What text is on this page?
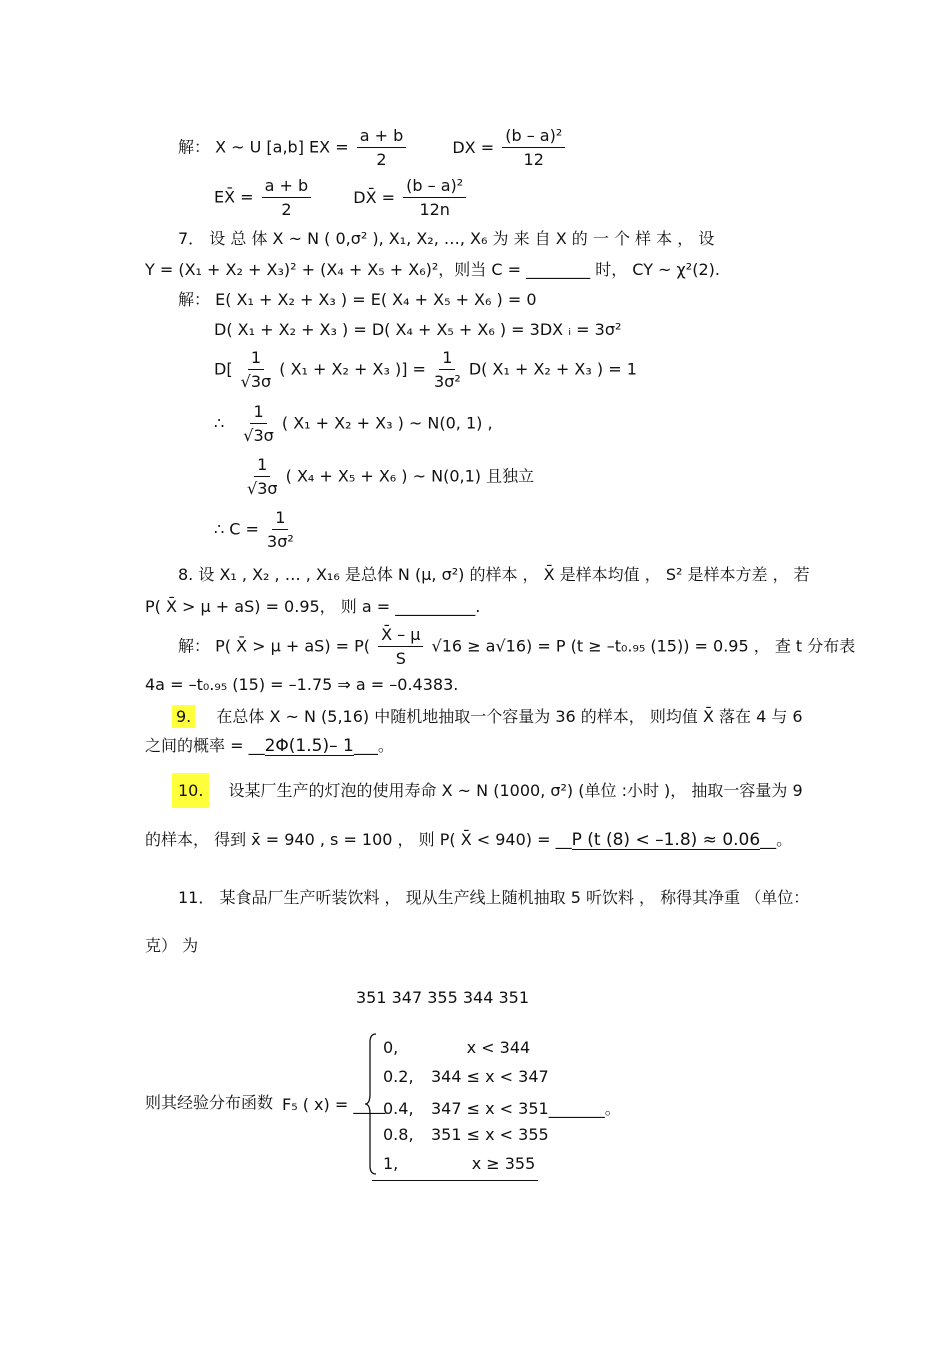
解： X ~ U [a,b] EX = $\frac{a + b}{2}$	DX = $\frac{\text{(b – a)²}}{12}$
EX̄ = $\frac{a + b}{2}$	DX̄ = $\frac{\text{(b – a)²}}{12n}$
7． 设 总 体 X ~ N ( 0,σ² ), X₁, X₂, …, X₆ 为 来 自 X 的 一 个 样 本 ， 设
Y = (X₁ + X₂ + X₃)² + (X₄ + X₅ + X₆)²，则当 C = ________ 时， CY ~ χ²(2).
解： E( X₁ + X₂ + X₃ ) = E( X₄ + X₅ + X₆ ) = 0
D( X₁ + X₂ + X₃ ) = D( X₄ + X₅ + X₆ ) = 3DX ᵢ = 3σ²
$D[ \frac{1}{√3\sigma}$ ( X₁ + X₂ + X₃ )] = $\frac{1}{\text{3σ²}} D$( X₁ + X₂ + X₃ ) = 1
∴ $\frac{1}{√3\sigma}$ ( X₁ + X₂ + X₃ ) ~ N(0, 1) ,
$\frac{1}{√3\sigma}$ ( X₄ + X₅ + X₆ ) ~ N(0,1) 且独立
∴ $C = \frac{1}{\text{3σ²}}$
8. 设 X₁ , X₂ , … , X₁₆ 是总体 N (μ, σ²) 的样本 ， X̄ 是样本均值 ， S² 是样本方差 ， 若
P( X̄ > μ + aS) = 0.95， 则 a = __________.
解： P( X̄ > $\mu + aS) = P( \frac{X̄ - \mu}{S} √16 \ge a√16) = P$ (t ≥ –t₀.₉₅ (15)) = 0.95 ， 查 t 分布表
4a = –t₀.₉₅ (15) = –1.75 ⇒ a = –0.4383.
9. 在总体 X ~ N (5,16) 中随机地抽取一个容量为 36 的样本， 则均值 X̄ 落在 4 与 6
之间的概率 = __2Φ(1.5)– 1___。
10. 设某厂生产的灯泡的使用寿命 X ~ N (1000, σ²) (单位 :小时 )， 抽取一容量为 9
的样本， 得到 x̄ = 940 , s = 100 ， 则 P( X̄ < 940) = __P (t (8) < –1.8) ≈ 0.06__。
11． 某食品厂生产听装饮料 ， 现从生产线上随机抽取 5 听饮料 ， 称得其净重 （单位：
克） 为
351 347 355 344 351
则其经验分布函数 F₅ ( x) = ____
0,       x < 344
0.2, 344 ≤ x < 347
0.4, 347 ≤ x < 351_______。
0.8, 351 ≤ x < 355
1,        x ≥ 355
